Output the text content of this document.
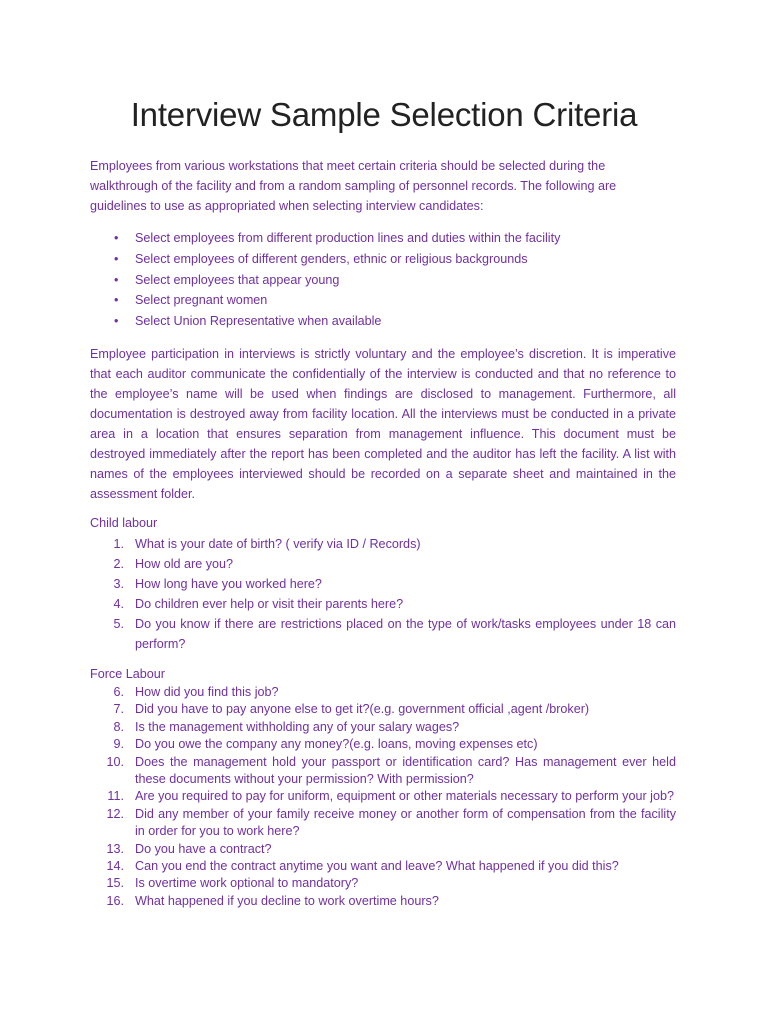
Interview Sample Selection Criteria
Employees from various workstations that meet certain criteria should be selected during the walkthrough of the facility and from a random sampling of personnel records. The following are guidelines to use as appropriated when selecting interview candidates:
• Select employees from different production lines and duties within the facility
• Select employees of different genders, ethnic or religious backgrounds
• Select employees that appear young
• Select pregnant women
• Select Union Representative when available
Employee participation in interviews is strictly voluntary and the employee’s discretion. It is imperative that each auditor communicate the confidentially of the interview is conducted and that no reference to the employee’s name will be used when findings are disclosed to management. Furthermore, all documentation is destroyed away from facility location. All the interviews must be conducted in a private area in a location that ensures separation from management influence. This document must be destroyed immediately after the report has been completed and the auditor has left the facility. A list with names of the employees interviewed should be recorded on a separate sheet and maintained in the assessment folder.
Child labour
1. What is your date of birth? ( verify via ID / Records)
2. How old are you?
3. How long have you worked here?
4. Do children ever help or visit their parents here?
5. Do you know if there are restrictions placed on the type of work/tasks employees under 18 can perform?
Force Labour
6. How did you find this job?
7. Did you have to pay anyone else to get it?(e.g. government official ,agent /broker)
8. Is the management withholding any of your salary wages?
9. Do you owe the company any money?(e.g. loans, moving expenses etc)
10. Does the management hold your passport or identification card? Has management ever held these documents without your permission? With permission?
11. Are you required to pay for uniform, equipment or other materials necessary to perform your job?
12. Did any member of your family receive money or another form of compensation from the facility in order for you to work here?
13. Do you have a contract?
14. Can you end the contract anytime you want and leave? What happened if you did this?
15. Is overtime work optional to mandatory?
16. What happened if you decline to work overtime hours?
